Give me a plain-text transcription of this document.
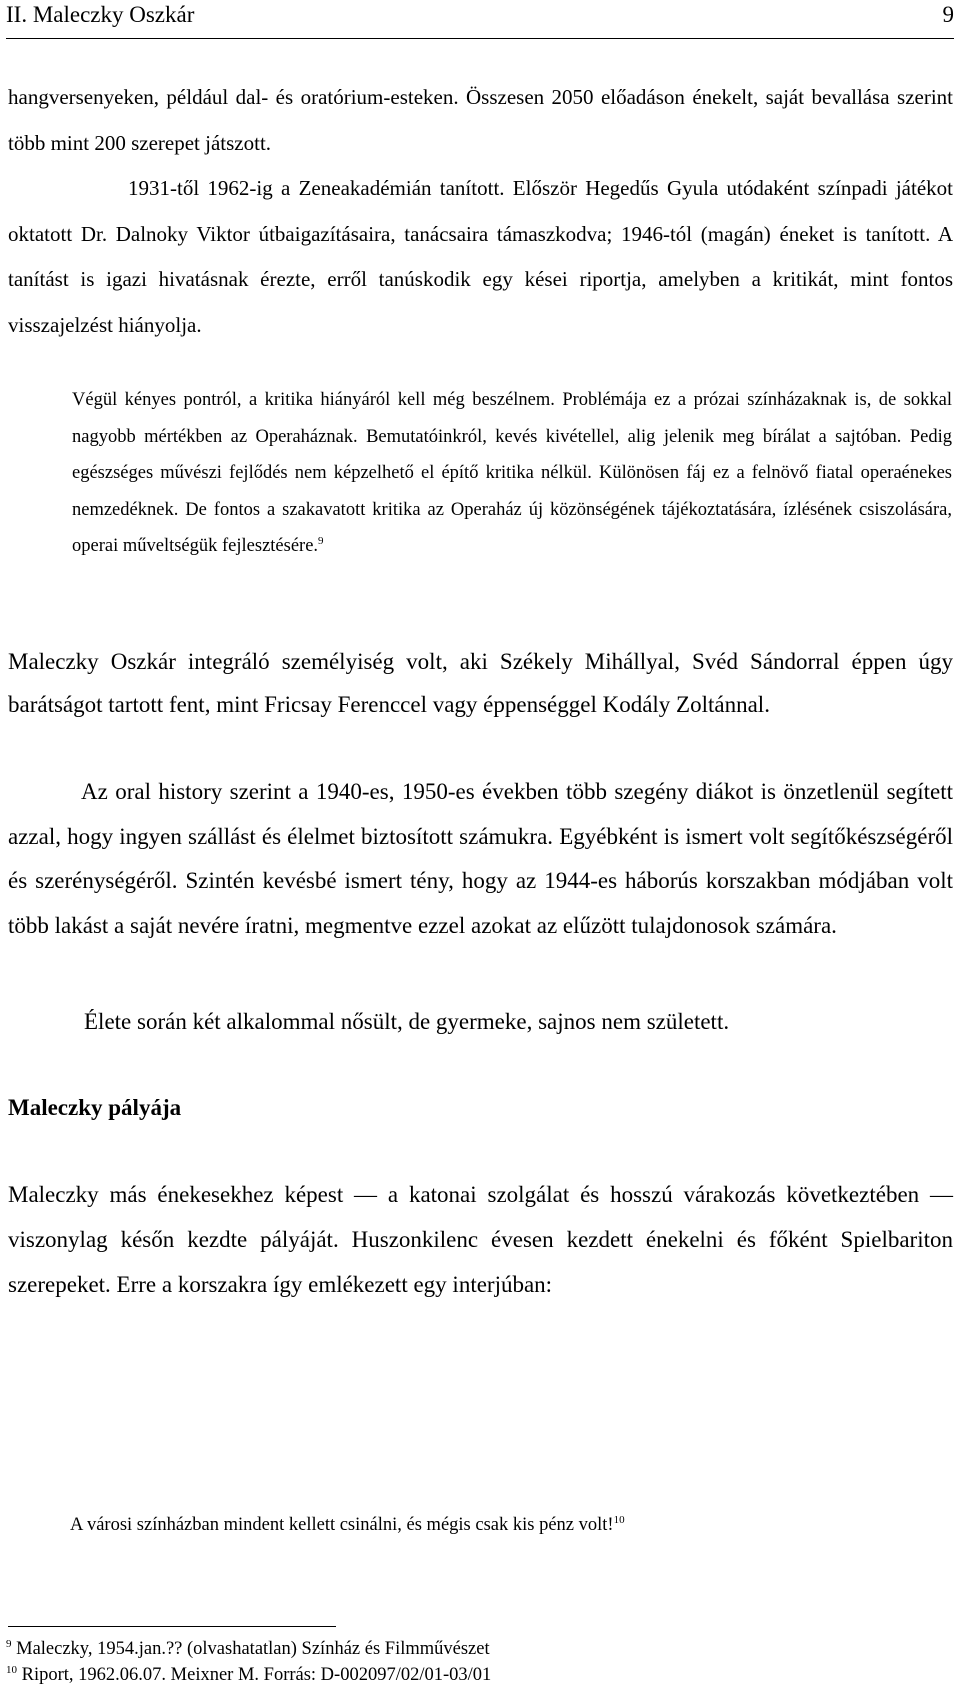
II. Maleczky Oszkár	9

hangversenyeken, például dal- és oratórium-esteken. Összesen 2050 előadáson énekelt, saját bevallása szerint több mint 200 szerepet játszott.
1931-től 1962-ig a Zeneakadémián tanított. Először Hegedűs Gyula utódaként színpadi játékot oktatott Dr. Dalnoky Viktor útbaigazításaira, tanácsaira támaszkodva; 1946-tól (magán) éneket is tanított. A tanítást is igazi hivatásnak érezte, erről tanúskodik egy kései riportja, amelyben a kritikát, mint fontos visszajelzést hiányolja.

Végül kényes pontról, a kritika hiányáról kell még beszélnem. Problémája ez a prózai színházaknak is, de sokkal nagyobb mértékben az Operaháznak. Bemutatóinkról, kevés kivétellel, alig jelenik meg bírálat a sajtóban. Pedig egészséges művészi fejlődés nem képzelhető el építő kritika nélkül. Különösen fáj ez a felnövő fiatal operaénekes nemzedéknek. De fontos a szakavatott kritika az Operaház új közönségének tájékoztatására, ízlésének csiszolására, operai műveltségük fejlesztésére.$^9$

Maleczky Oszkár integráló személyiség volt, aki Székely Mihállyal, Svéd Sándorral éppen úgy barátságot tartott fent, mint Fricsay Ferenccel vagy éppenséggel Kodály Zoltánnal.

Az oral history szerint a 1940-es, 1950-es években több szegény diákot is önzetlenül segített azzal, hogy ingyen szállást és élelmet biztosított számukra. Egyébként is ismert volt segítőkészségéről és szerénységéről. Szintén kevésbé ismert tény, hogy az 1944-es háborús korszakban módjában volt több lakást a saját nevére íratni, megmentve ezzel azokat az elűzött tulajdonosok számára.

Élete során két alkalommal nősült, de gyermeke, sajnos nem született.

Maleczky pályája

Maleczky más énekesekhez képest ― a katonai szolgálat és hosszú várakozás következtében ― viszonylag későn kezdte pályáját. Huszonkilenc évesen kezdett énekelni és főként Spielbariton szerepeket. Erre a korszakra így emlékezett egy interjúban:

A városi színházban mindent kellett csinálni, és mégis csak kis pénz volt!$^{10}$

$^9$ Maleczky, 1954.jan.?? (olvashatatlan) Színház és Filmművészet
$^{10}$ Riport, 1962.06.07. Meixner M. Forrás: D-002097/02/01-03/01
